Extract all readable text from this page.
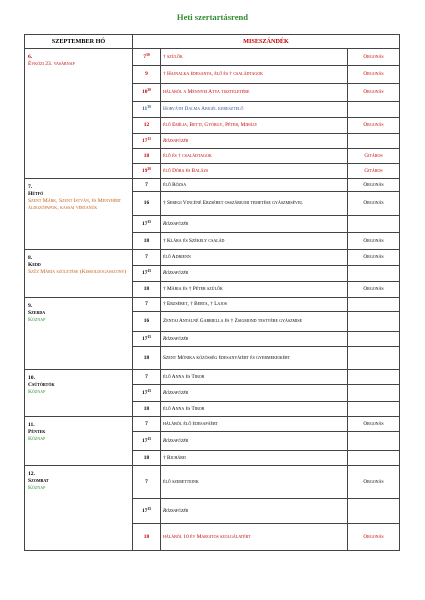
Heti szertartásrend
SZEPTEMBER HÓ	MISESZÁNDÉK		

6.
Évközi 23. vasárnap	$7^{30}$	† szülők	Orgonás
	9	† Hajnalka édesanya, élő és † családtagok	Orgonás
	$10^{30}$	hálából a Mennyei Atya tiszteletére	Orgonás
	$11^{30}$	Horváth Dalma Abigél keresztelő	
	12	élő Emília, Betti, György, Péter, Mihály	Orgonás
	$17^{15}$	Rózsafüzér	
	18	élő és † családtagok	Gitáros
	$19^{30}$	élő Dóra és Balázs	Gitáros

7.
Hétfő
Szent Márk, Szent István, és Menyhért áldozópapok, kassai vértanúk	7	élő Rózsa	Orgonás
	16	† Seregi Vincéné Erzsébet osszáriumi temetése gyászmisével	Orgonás
	$17^{15}$	Rózsafüzér	
	18	† Klára és Székely család	Orgonás

8.
Kedd
Szűz Mária születése (Kisboldogasszony)	7	élő Adrienn	Orgonás
	$17^{15}$	Rózsafüzér	
	18	† Mária és † Péter szülők	Orgonás

9.
Szerda
Köznap	7	† Erzsébet, † Berta, † Lajos	
	16	Zentai Antalné Gabriella és † Zsigmond testvére gyászmise	
	$17^{15}$	Rózsafüzér	
	18	Szent Mónika közösség édesanyáiért és gyermekeikért	

10.
Csütörtök
Köznap	7	élő Anna és Tibor	
	$17^{15}$	Rózsafüzér	
	18	élő Anna és Tibor	

11.
Péntek
Köznap	7	hálából élő édesapáért	Orgonás
	$17^{15}$	Rózsafüzér	
	18	† Richárd	

12.
Szombat
Köznap	7	élő szeretteink	Orgonás
	$17^{15}$	Rózsafüzér	
	18	hálából 10 év Margitos szolgálatért	Orgonás
